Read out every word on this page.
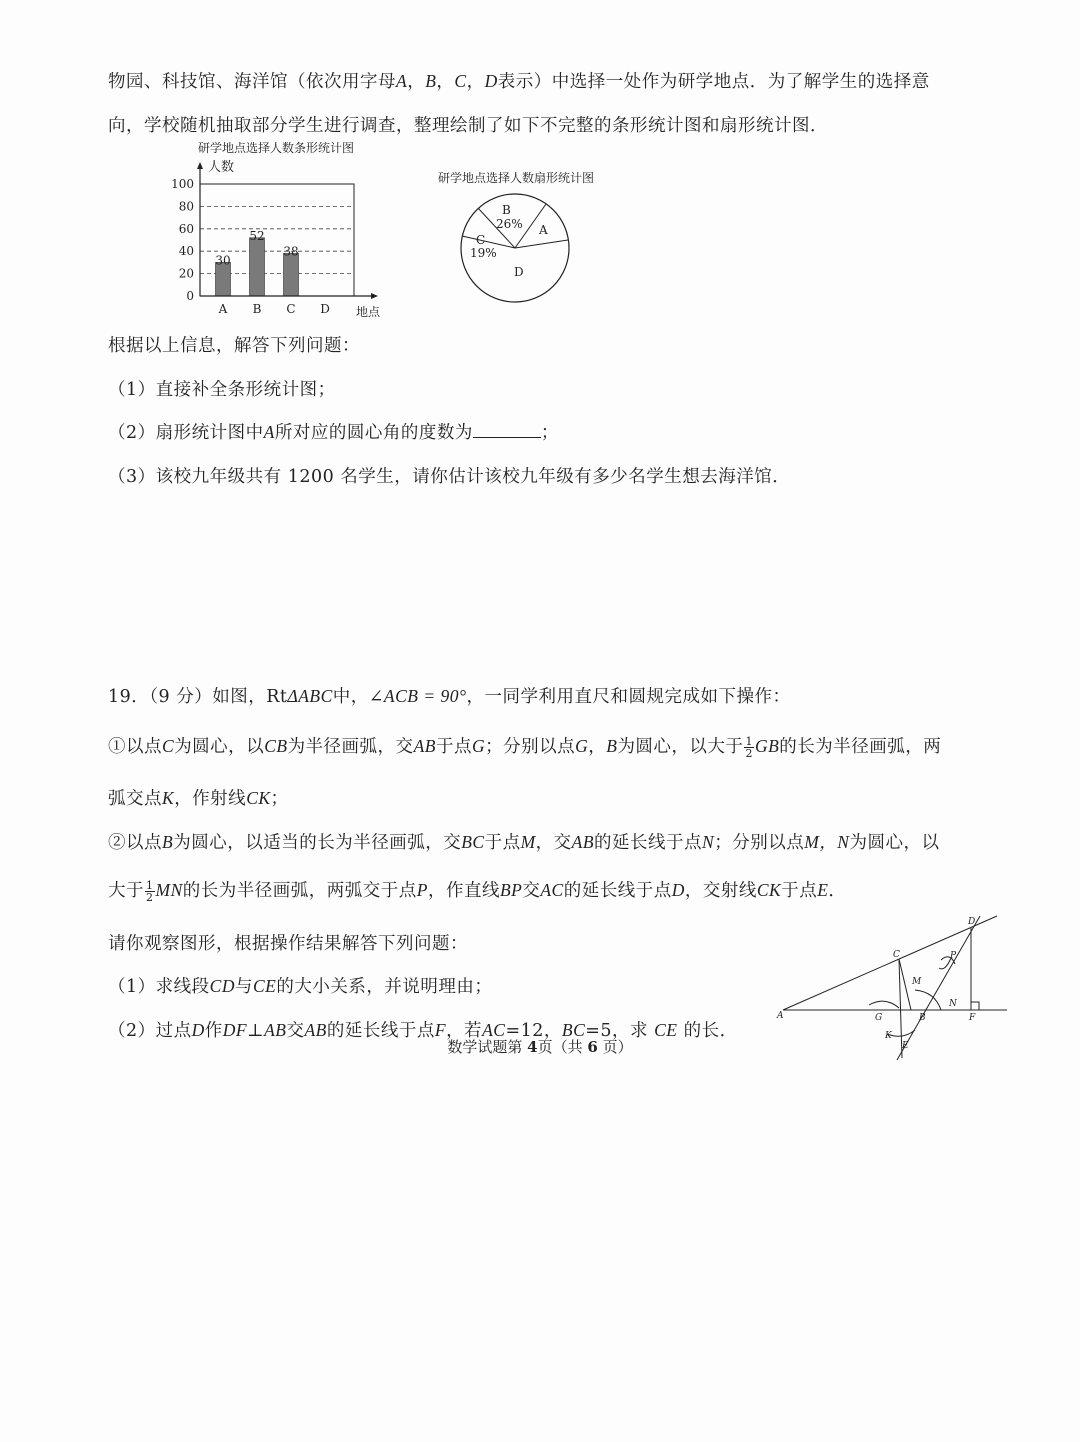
物园、科技馆、海洋馆（依次用字母A，B，C，D表示）中选择一处作为研学地点．为了解学生的选择意
向，学校随机抽取部分学生进行调查，整理绘制了如下不完整的条形统计图和扇形统计图．
研学地点选择人数条形统计图
人数
地点
0
20
40
60
80
100
A B C D
30
52
38
研学地点选择人数扇形统计图
B
26% A
C
19%
D
根据以上信息，解答下列问题：
（1）直接补全条形统计图；
（2）扇形统计图中A所对应的圆心角的度数为	；
（3）该校九年级共有 1200 名学生，请你估计该校九年级有多少名学生想去海洋馆．
19．（9 分）如图，RtΔABC中，∠ACB = 90°，一同学利用直尺和圆规完成如下操作：
①以点C为圆心，以CB为半径画弧，交AB于点G；分别以点G，B为圆心，以大于 $\frac{1}{2}$ GB的长为半径画弧，两
弧交点K，作射线CK；
②以点B为圆心，以适当的长为半径画弧，交BC于点M，交AB的延长线于点N；分别以点M，N为圆心，以
大于 $\frac{1}{2}$ MN的长为半径画弧，两弧交于点P，作直线BP交AC的延长线于点D，交射线CK于点E．
请你观察图形，根据操作结果解答下列问题：
（1）求线段CD与CE的大小关系，并说明理由；
（2）过点D作DF⊥AB交AB的延长线于点F，若AC=12，BC=5，求 CE 的长．
A
C
D
M
P
N
G	B	F
K
E
数学试题第 4页（共 6 页）
